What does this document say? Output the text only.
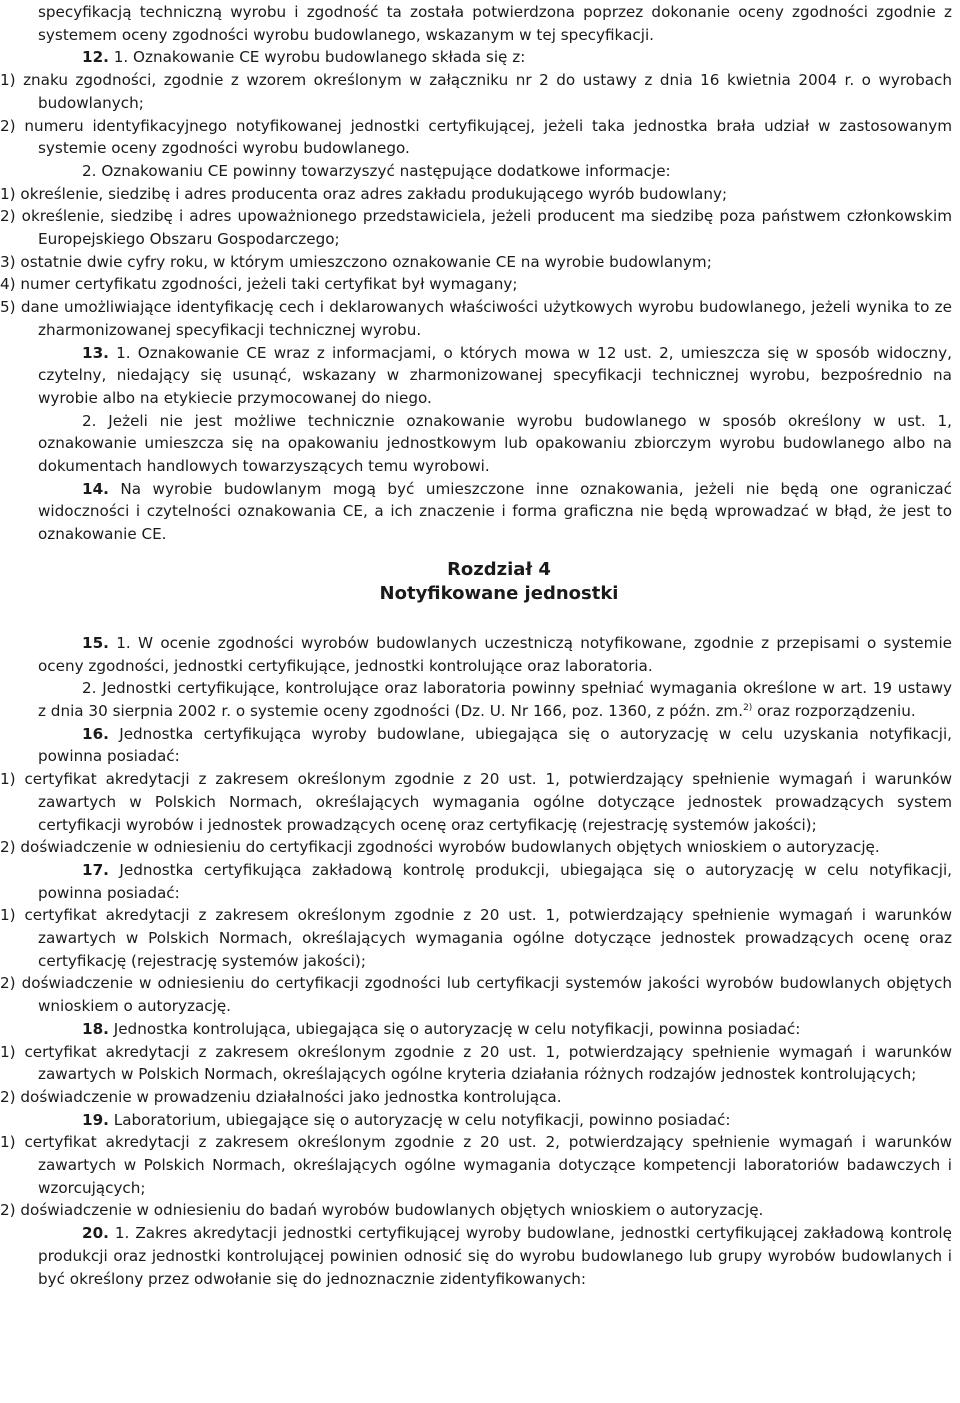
specyfikacją techniczną wyrobu i zgodność ta została potwierdzona poprzez dokonanie oceny zgodności zgodnie z systemem oceny zgodności wyrobu budowlanego, wskazanym w tej specyfikacji.
12. 1. Oznakowanie CE wyrobu budowlanego składa się z:
1) znaku zgodności, zgodnie z wzorem określonym w załączniku nr 2 do ustawy z dnia 16 kwietnia 2004 r. o wyrobach budowlanych;
2) numeru identyfikacyjnego notyfikowanej jednostki certyfikującej, jeżeli taka jednostka brała udział w zastosowanym systemie oceny zgodności wyrobu budowlanego.
2. Oznakowaniu CE powinny towarzyszyć następujące dodatkowe informacje:
1) określenie, siedzibę i adres producenta oraz adres zakładu produkującego wyrób budowlany;
2) określenie, siedzibę i adres upoważnionego przedstawiciela, jeżeli producent ma siedzibę poza państwem członkowskim Europejskiego Obszaru Gospodarczego;
3) ostatnie dwie cyfry roku, w którym umieszczono oznakowanie CE na wyrobie budowlanym;
4) numer certyfikatu zgodności, jeżeli taki certyfikat był wymagany;
5) dane umożliwiające identyfikację cech i deklarowanych właściwości użytkowych wyrobu budowlanego, jeżeli wynika to ze zharmonizowanej specyfikacji technicznej wyrobu.
13. 1. Oznakowanie CE wraz z informacjami, o których mowa w 12 ust. 2, umieszcza się w sposób widoczny, czytelny, niedający się usunąć, wskazany w zharmonizowanej specyfikacji technicznej wyrobu, bezpośrednio na wyrobie albo na etykiecie przymocowanej do niego.
2. Jeżeli nie jest możliwe technicznie oznakowanie wyrobu budowlanego w sposób określony w ust. 1, oznakowanie umieszcza się na opakowaniu jednostkowym lub opakowaniu zbiorczym wyrobu budowlanego albo na dokumentach handlowych towarzyszących temu wyrobowi.
14. Na wyrobie budowlanym mogą być umieszczone inne oznakowania, jeżeli nie będą one ograniczać widoczności i czytelności oznakowania CE, a ich znaczenie i forma graficzna nie będą wprowadzać w błąd, że jest to oznakowanie CE.
Rozdział 4
Notyfikowane jednostki
15. 1. W ocenie zgodności wyrobów budowlanych uczestniczą notyfikowane, zgodnie z przepisami o systemie oceny zgodności, jednostki certyfikujące, jednostki kontrolujące oraz laboratoria.
2. Jednostki certyfikujące, kontrolujące oraz laboratoria powinny spełniać wymagania określone w art. 19 ustawy z dnia 30 sierpnia 2002 r. o systemie oceny zgodności (Dz. U. Nr 166, poz. 1360, z późn. zm.$^{2)}$ oraz rozporządzeniu.
16. Jednostka certyfikująca wyroby budowlane, ubiegająca się o autoryzację w celu uzyskania notyfikacji, powinna posiadać:
1) certyfikat akredytacji z zakresem określonym zgodnie z 20 ust. 1, potwierdzający spełnienie wymagań i warunków zawartych w Polskich Normach, określających wymagania ogólne dotyczące jednostek prowadzących system certyfikacji wyrobów i jednostek prowadzących ocenę oraz certyfikację (rejestrację systemów jakości);
2) doświadczenie w odniesieniu do certyfikacji zgodności wyrobów budowlanych objętych wnioskiem o autoryzację.
17. Jednostka certyfikująca zakładową kontrolę produkcji, ubiegająca się o autoryzację w celu notyfikacji, powinna posiadać:
1) certyfikat akredytacji z zakresem określonym zgodnie z 20 ust. 1, potwierdzający spełnienie wymagań i warunków zawartych w Polskich Normach, określających wymagania ogólne dotyczące jednostek prowadzących ocenę oraz certyfikację (rejestrację systemów jakości);
2) doświadczenie w odniesieniu do certyfikacji zgodności lub certyfikacji systemów jakości wyrobów budowlanych objętych wnioskiem o autoryzację.
18. Jednostka kontrolująca, ubiegająca się o autoryzację w celu notyfikacji, powinna posiadać:
1) certyfikat akredytacji z zakresem określonym zgodnie z 20 ust. 1, potwierdzający spełnienie wymagań i warunków zawartych w Polskich Normach, określających ogólne kryteria działania różnych rodzajów jednostek kontrolujących;
2) doświadczenie w prowadzeniu działalności jako jednostka kontrolująca.
19. Laboratorium, ubiegające się o autoryzację w celu notyfikacji, powinno posiadać:
1) certyfikat akredytacji z zakresem określonym zgodnie z 20 ust. 2, potwierdzający spełnienie wymagań i warunków zawartych w Polskich Normach, określających ogólne wymagania dotyczące kompetencji laboratoriów badawczych i wzorcujących;
2) doświadczenie w odniesieniu do badań wyrobów budowlanych objętych wnioskiem o autoryzację.
20. 1. Zakres akredytacji jednostki certyfikującej wyroby budowlane, jednostki certyfikującej zakładową kontrolę produkcji oraz jednostki kontrolującej powinien odnosić się do wyrobu budowlanego lub grupy wyrobów budowlanych i być określony przez odwołanie się do jednoznacznie zidentyfikowanych:
